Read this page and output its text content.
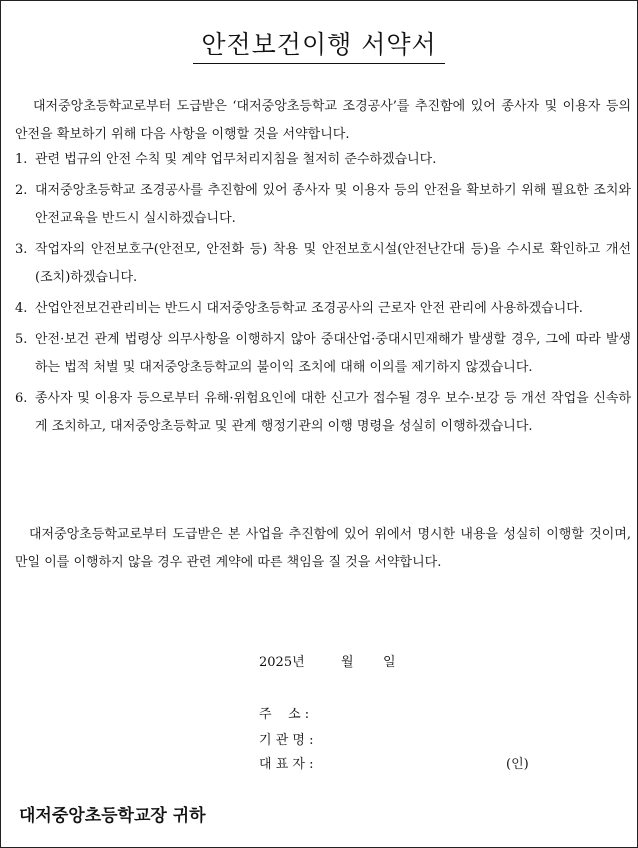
안전보건이행 서약서
대저중앙초등학교로부터 도급받은 ‘대저중앙초등학교 조경공사’를 추진함에 있어 종사자 및 이용자 등의 안전을 확보하기 위해 다음 사항을 이행할 것을 서약합니다.
1. 관련 법규의 안전 수칙 및 계약 업무처리지침을 철저히 준수하겠습니다.
2. 대저중앙초등학교 조경공사를 추진함에 있어 종사자 및 이용자 등의 안전을 확보하기 위해 필요한 조치와 안전교육을 반드시 실시하겠습니다.
3. 작업자의 안전보호구(안전모, 안전화 등) 착용 및 안전보호시설(안전난간대 등)을 수시로 확인하고 개선(조치)하겠습니다.
4. 산업안전보건관리비는 반드시 대저중앙초등학교 조경공사의 근로자 안전 관리에 사용하겠습니다.
5. 안전·보건 관계 법령상 의무사항을 이행하지 않아 중대산업·중대시민재해가 발생할 경우, 그에 따라 발생하는 법적 처벌 및 대저중앙초등학교의 불이익 조치에 대해 이의를 제기하지 않겠습니다.
6. 종사자 및 이용자 등으로부터 유해·위험요인에 대한 신고가 접수될 경우 보수·보강 등 개선 작업을 신속하게 조치하고, 대저중앙초등학교 및 관계 행정기관의 이행 명령을 성실히 이행하겠습니다.
대저중앙초등학교로부터 도급받은 본 사업을 추진함에 있어 위에서 명시한 내용을 성실히 이행할 것이며, 만일 이를 이행하지 않을 경우 관련 계약에 따른 책임을 질 것을 서약합니다.
2025년	월	일
주    소 :
기 관 명 :
대 표 자 :	(인)
대저중앙초등학교장 귀하
